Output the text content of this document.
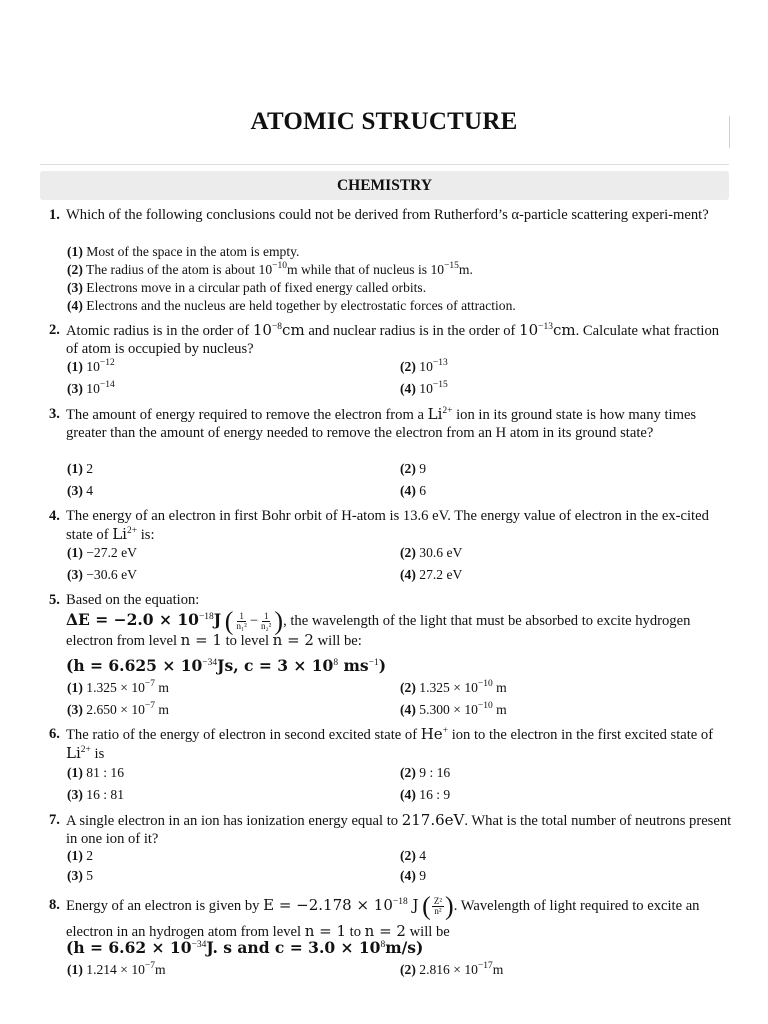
ATOMIC STRUCTURE
CHEMISTRY
1. Which of the following conclusions could not be derived from Rutherford’s α-particle scattering experi-ment?
(1) Most of the space in the atom is empty.
(2) The radius of the atom is about $10^{-10}m$ while that of nucleus is $10^{-15}m$.
(3) Electrons move in a circular path of fixed energy called orbits.
(4) Electrons and the nucleus are held together by electrostatic forces of attraction.
2. Atomic radius is in the order of $10^{-8}cm$ and nuclear radius is in the order of $10^{-13}cm$. Calculate what fraction of atom is occupied by nucleus?
(1) $10^{-12}$	(2) $10^{-13}$
(3) $10^{-14}$	(4) $10^{-15}$
3. The amount of energy required to remove the electron from a $Li^{2+}$ ion in its ground state is how many times greater than the amount of energy needed to remove the electron from an H atom in its ground state?
(1) 2	(2) 9
(3) 4	(4) 6
4. The energy of an electron in first Bohr orbit of H-atom is 13.6 eV. The energy value of electron in the ex-cited state of $Li^{2+}$ is:
(1) −27.2 eV	(2) 30.6 eV
(3) −30.6 eV	(4) 27.2 eV
5. Based on the equation:
$\Delta E = -2.0 \times 10^{-18}J$ ( $\frac{1}{\text{n₁²}} - \frac{1}{\text{n₂²}}$ ), the wavelength of the light that must be absorbed to excite hydrogen electron from level n = 1 to level n = 2 will be:
($h = 6.625 \times 10^{-34}Js$, $c = 3 \times 10^8$ $ms^{-1}$)
(1) $1.325 \times 10^{-7}$ m	(2) $1.325 \times 10^{-10}$ m
(3) $2.650 \times 10^{-7}$ m	(4) $5.300 \times 10^{-10}$ m
6. The ratio of the energy of electron in second excited state of He+ ion to the electron in the first excited state of $Li^{2+}$ is
(1) 81 : 16	(2) 9 : 16
(3) 16 : 81	(4) 16 : 9
7. A single electron in an ion has ionization energy equal to 217.6eV. What is the total number of neutrons present in one ion of it?
(1) 2	(2) 4
(3) 5	(4) 9
8. Energy of an electron is given by $E = -2.178 \times 10^{-18}$ J ( $\frac{\text{Z²}}{\text{n²}}$ ). Wavelength of light required to excite an electron in an hydrogen atom from level n = 1 to n = 2 will be
($h = 6.62 \times 10^{-34}J$. s and $c = 3.0 \times 10^8m/s$)
(1) $1.214 \times 10^{-7}m$	(2) $2.816 \times 10^{-17}m$
